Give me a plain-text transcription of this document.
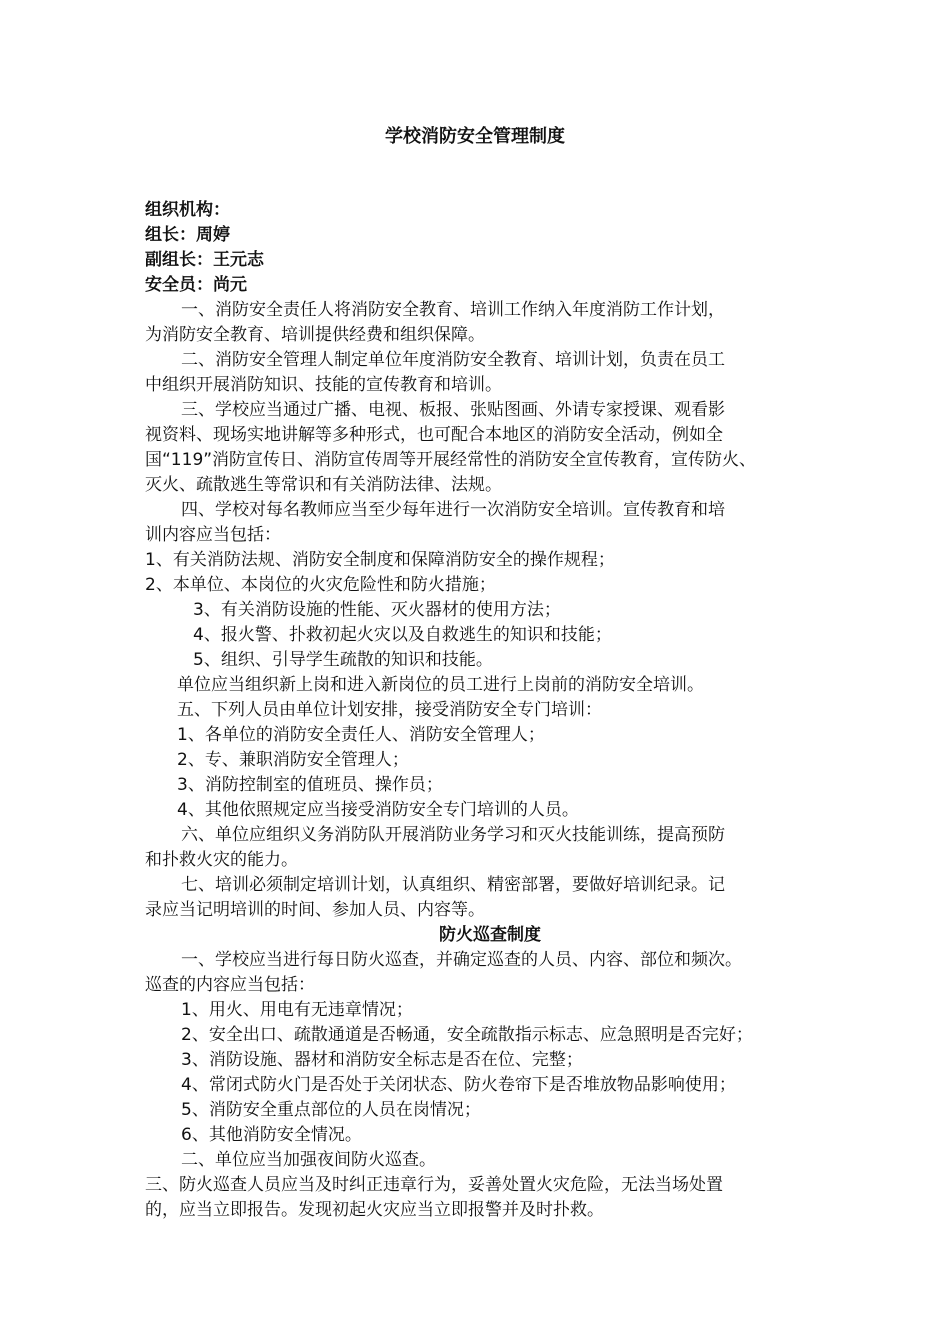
学校消防安全管理制度

组织机构：

组长：周婷

副组长：王元志

安全员：尚元

一、消防安全责任人将消防安全教育、培训工作纳入年度消防工作计划，

为消防安全教育、培训提供经费和组织保障。

二、消防安全管理人制定单位年度消防安全教育、培训计划，负责在员工

中组织开展消防知识、技能的宣传教育和培训。

三、学校应当通过广播、电视、板报、张贴图画、外请专家授课、观看影

视资料、现场实地讲解等多种形式，也可配合本地区的消防安全活动，例如全

国“119”消防宣传日、消防宣传周等开展经常性的消防安全宣传教育，宣传防火、

灭火、疏散逃生等常识和有关消防法律、法规。

四、学校对每名教师应当至少每年进行一次消防安全培训。宣传教育和培

训内容应当包括：

1、有关消防法规、消防安全制度和保障消防安全的操作规程；

2、本单位、本岗位的火灾危险性和防火措施；

3、有关消防设施的性能、灭火器材的使用方法；

4、报火警、扑救初起火灾以及自救逃生的知识和技能；

5、组织、引导学生疏散的知识和技能。

单位应当组织新上岗和进入新岗位的员工进行上岗前的消防安全培训。

五、下列人员由单位计划安排，接受消防安全专门培训：

1、各单位的消防安全责任人、消防安全管理人；

2、专、兼职消防安全管理人；

3、消防控制室的值班员、操作员；

4、其他依照规定应当接受消防安全专门培训的人员。

六、单位应组织义务消防队开展消防业务学习和灭火技能训练，提高预防

和扑救火灾的能力。

七、培训必须制定培训计划，认真组织、精密部署，要做好培训纪录。记

录应当记明培训的时间、参加人员、内容等。

防火巡查制度

一、学校应当进行每日防火巡查，并确定巡查的人员、内容、部位和频次。

巡查的内容应当包括：

1、用火、用电有无违章情况；

2、安全出口、疏散通道是否畅通，安全疏散指示标志、应急照明是否完好；

3、消防设施、器材和消防安全标志是否在位、完整；

4、常闭式防火门是否处于关闭状态、防火卷帘下是否堆放物品影响使用；

5、消防安全重点部位的人员在岗情况；

6、其他消防安全情况。

二、单位应当加强夜间防火巡查。

三、防火巡查人员应当及时纠正违章行为，妥善处置火灾危险，无法当场处置

的，应当立即报告。发现初起火灾应当立即报警并及时扑救。
